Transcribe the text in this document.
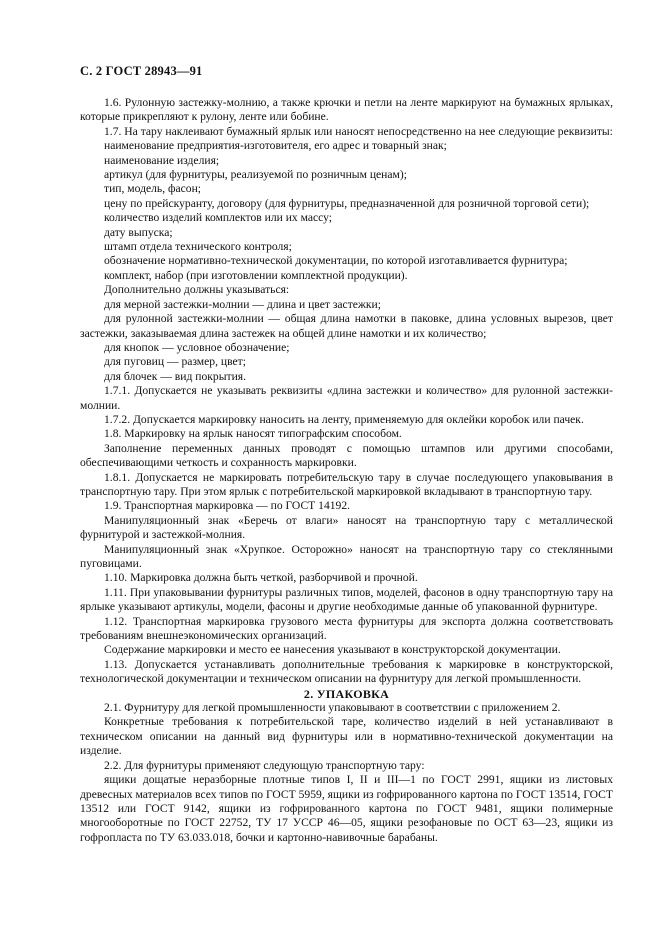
С. 2 ГОСТ 28943—91

1.6. Рулонную застежку-молнию, а также крючки и петли на ленте маркируют на бумажных ярлыках, которые прикрепляют к рулону, ленте или бобине.

1.7. На тару наклеивают бумажный ярлык или наносят непосредственно на нее следующие реквизиты:

наименование предприятия-изготовителя, его адрес и товарный знак;

наименование изделия;

артикул (для фурнитуры, реализуемой по розничным ценам);

тип, модель, фасон;

цену по прейскуранту, договору (для фурнитуры, предназначенной для розничной торговой сети);

количество изделий комплектов или их массу;

дату выпуска;

штамп отдела технического контроля;

обозначение нормативно-технической документации, по которой изготавливается фурнитура;

комплект, набор (при изготовлении комплектной продукции).

Дополнительно должны указываться:

для мерной застежки-молнии — длина и цвет застежки;

для рулонной застежки-молнии — общая длина намотки в паковке, длина условных вырезов, цвет застежки, заказываемая длина застежек на общей длине намотки и их количество;

для кнопок — условное обозначение;

для пуговиц — размер, цвет;

для блочек — вид покрытия.

1.7.1. Допускается не указывать реквизиты «длина застежки и количество» для рулонной застежки-молнии.

1.7.2. Допускается маркировку наносить на ленту, применяемую для оклейки коробок или пачек.

1.8. Маркировку на ярлык наносят типографским способом.

Заполнение переменных данных проводят с помощью штампов или другими способами, обеспечивающими четкость и сохранность маркировки.

1.8.1. Допускается не маркировать потребительскую тару в случае последующего упаковывания в транспортную тару. При этом ярлык с потребительской маркировкой вкладывают в транспортную тару.

1.9. Транспортная маркировка — по ГОСТ 14192.

Манипуляционный знак «Беречь от влаги» наносят на транспортную тару с металлической фурнитурой и застежкой-молния.

Манипуляционный знак «Хрупкое. Осторожно» наносят на транспортную тару со стеклянными пуговицами.

1.10. Маркировка должна быть четкой, разборчивой и прочной.

1.11. При упаковывании фурнитуры различных типов, моделей, фасонов в одну транспортную тару на ярлыке указывают артикулы, модели, фасоны и другие необходимые данные об упакованной фурнитуре.

1.12. Транспортная маркировка грузового места фурнитуры для экспорта должна соответствовать требованиям внешнеэкономических организаций.

Содержание маркировки и место ее нанесения указывают в конструкторской документации.

1.13. Допускается устанавливать дополнительные требования к маркировке в конструкторской, технологической документации и техническом описании на фурнитуру для легкой промышленности.

2. УПАКОВКА

2.1. Фурнитуру для легкой промышленности упаковывают в соответствии с приложением 2.

Конкретные требования к потребительской таре, количество изделий в ней устанавливают в техническом описании на данный вид фурнитуры или в нормативно-технической документации на изделие.

2.2. Для фурнитуры применяют следующую транспортную тару:

ящики дощатые неразборные плотные типов I, II и III—1 по ГОСТ 2991, ящики из листовых древесных материалов всех типов по ГОСТ 5959, ящики из гофрированного картона по ГОСТ 13514, ГОСТ 13512 или ГОСТ 9142, ящики из гофрированного картона по ГОСТ 9481, ящики полимерные многооборотные по ГОСТ 22752, ТУ 17 УССР 46—05, ящики резофановые по ОСТ 63—23, ящики из гофропласта по ТУ 63.033.018, бочки и картонно-навивочные барабаны.
